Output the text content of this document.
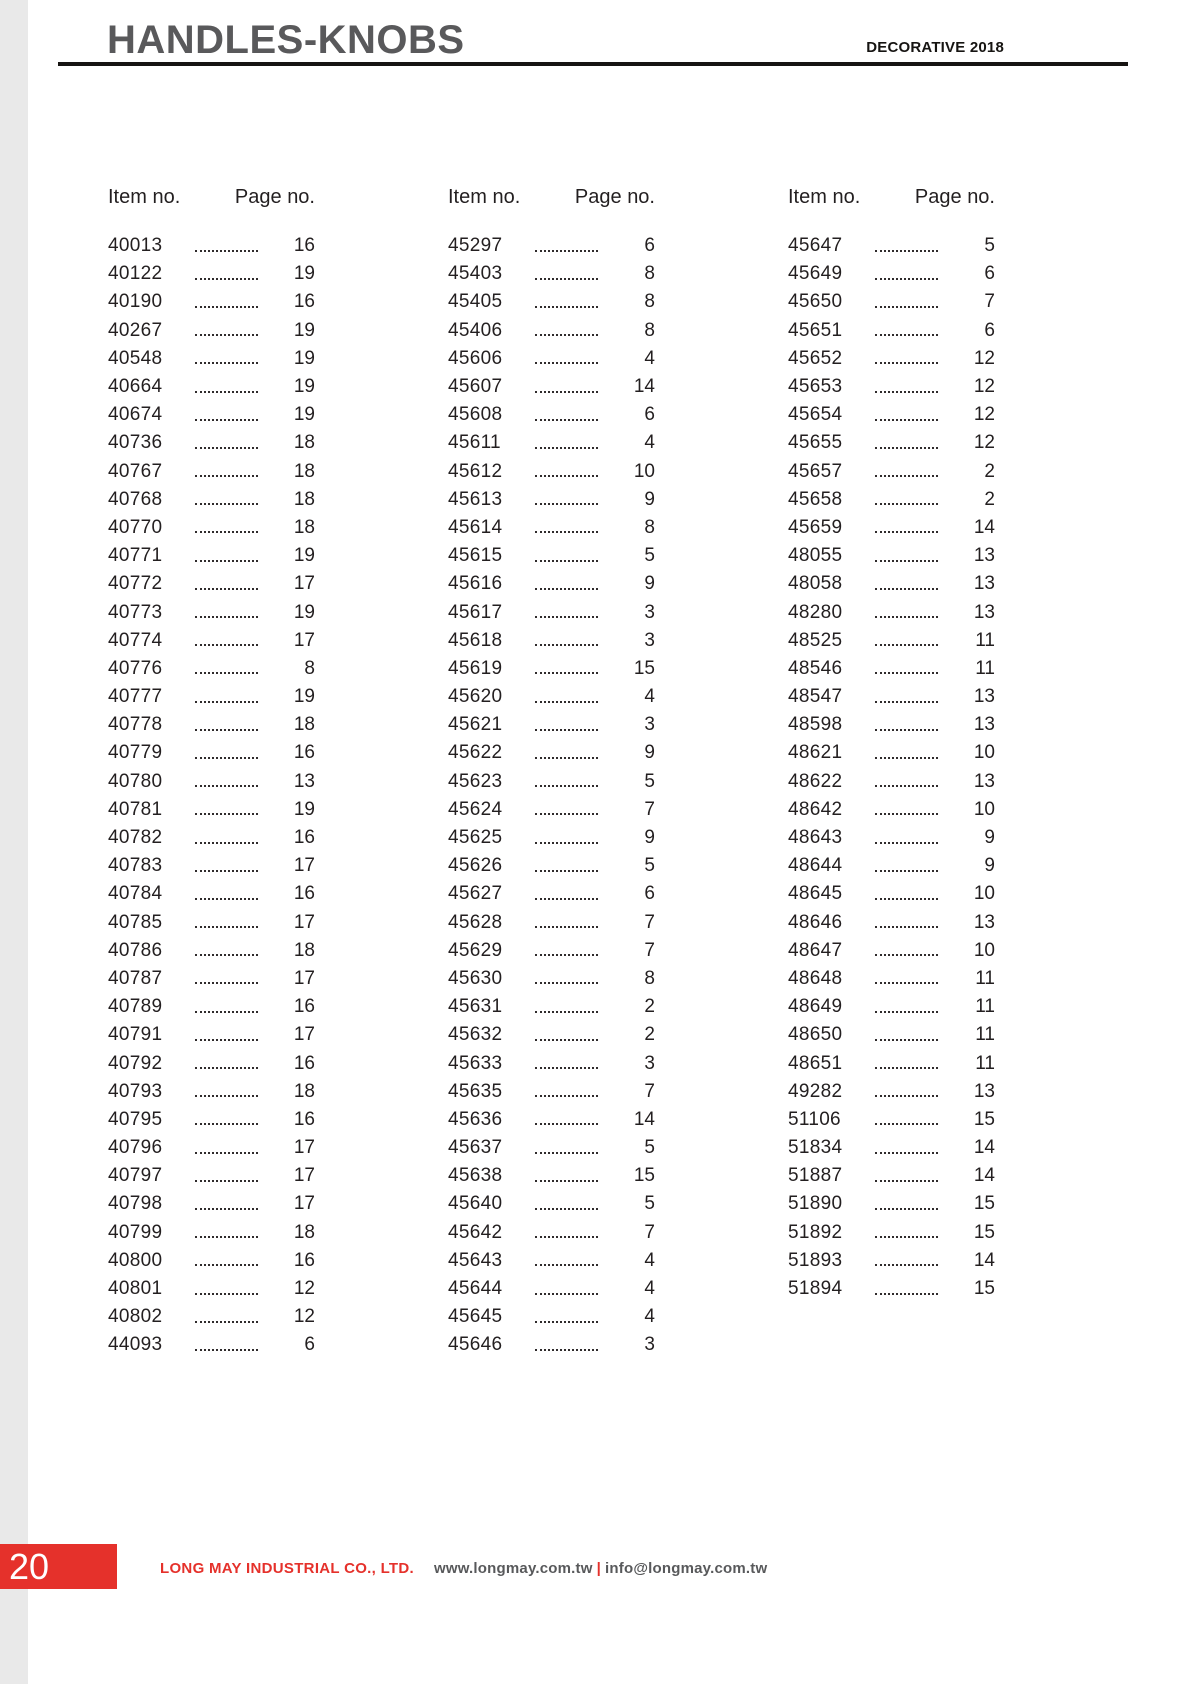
HANDLES-KNOBS	DECORATIVE 2018
Item no.	Page no.
40013	16
40122	19
40190	16
40267	19
40548	19
40664	19
40674	19
40736	18
40767	18
40768	18
40770	18
40771	19
40772	17
40773	19
40774	17
40776	8
40777	19
40778	18
40779	16
40780	13
40781	19
40782	16
40783	17
40784	16
40785	17
40786	18
40787	17
40789	16
40791	17
40792	16
40793	18
40795	16
40796	17
40797	17
40798	17
40799	18
40800	16
40801	12
40802	12
44093	6
Item no.	Page no.
45297	6
45403	8
45405	8
45406	8
45606	4
45607	14
45608	6
45611	4
45612	10
45613	9
45614	8
45615	5
45616	9
45617	3
45618	3
45619	15
45620	4
45621	3
45622	9
45623	5
45624	7
45625	9
45626	5
45627	6
45628	7
45629	7
45630	8
45631	2
45632	2
45633	3
45635	7
45636	14
45637	5
45638	15
45640	5
45642	7
45643	4
45644	4
45645	4
45646	3
Item no.	Page no.
45647	5
45649	6
45650	7
45651	6
45652	12
45653	12
45654	12
45655	12
45657	2
45658	2
45659	14
48055	13
48058	13
48280	13
48525	11
48546	11
48547	13
48598	13
48621	10
48622	13
48642	10
48643	9
48644	9
48645	10
48646	13
48647	10
48648	11
48649	11
48650	11
48651	11
49282	13
51106	15
51834	14
51887	14
51890	15
51892	15
51893	14
51894	15
20	LONG MAY INDUSTRIAL CO., LTD. www.longmay.com.tw | info@longmay.com.tw
